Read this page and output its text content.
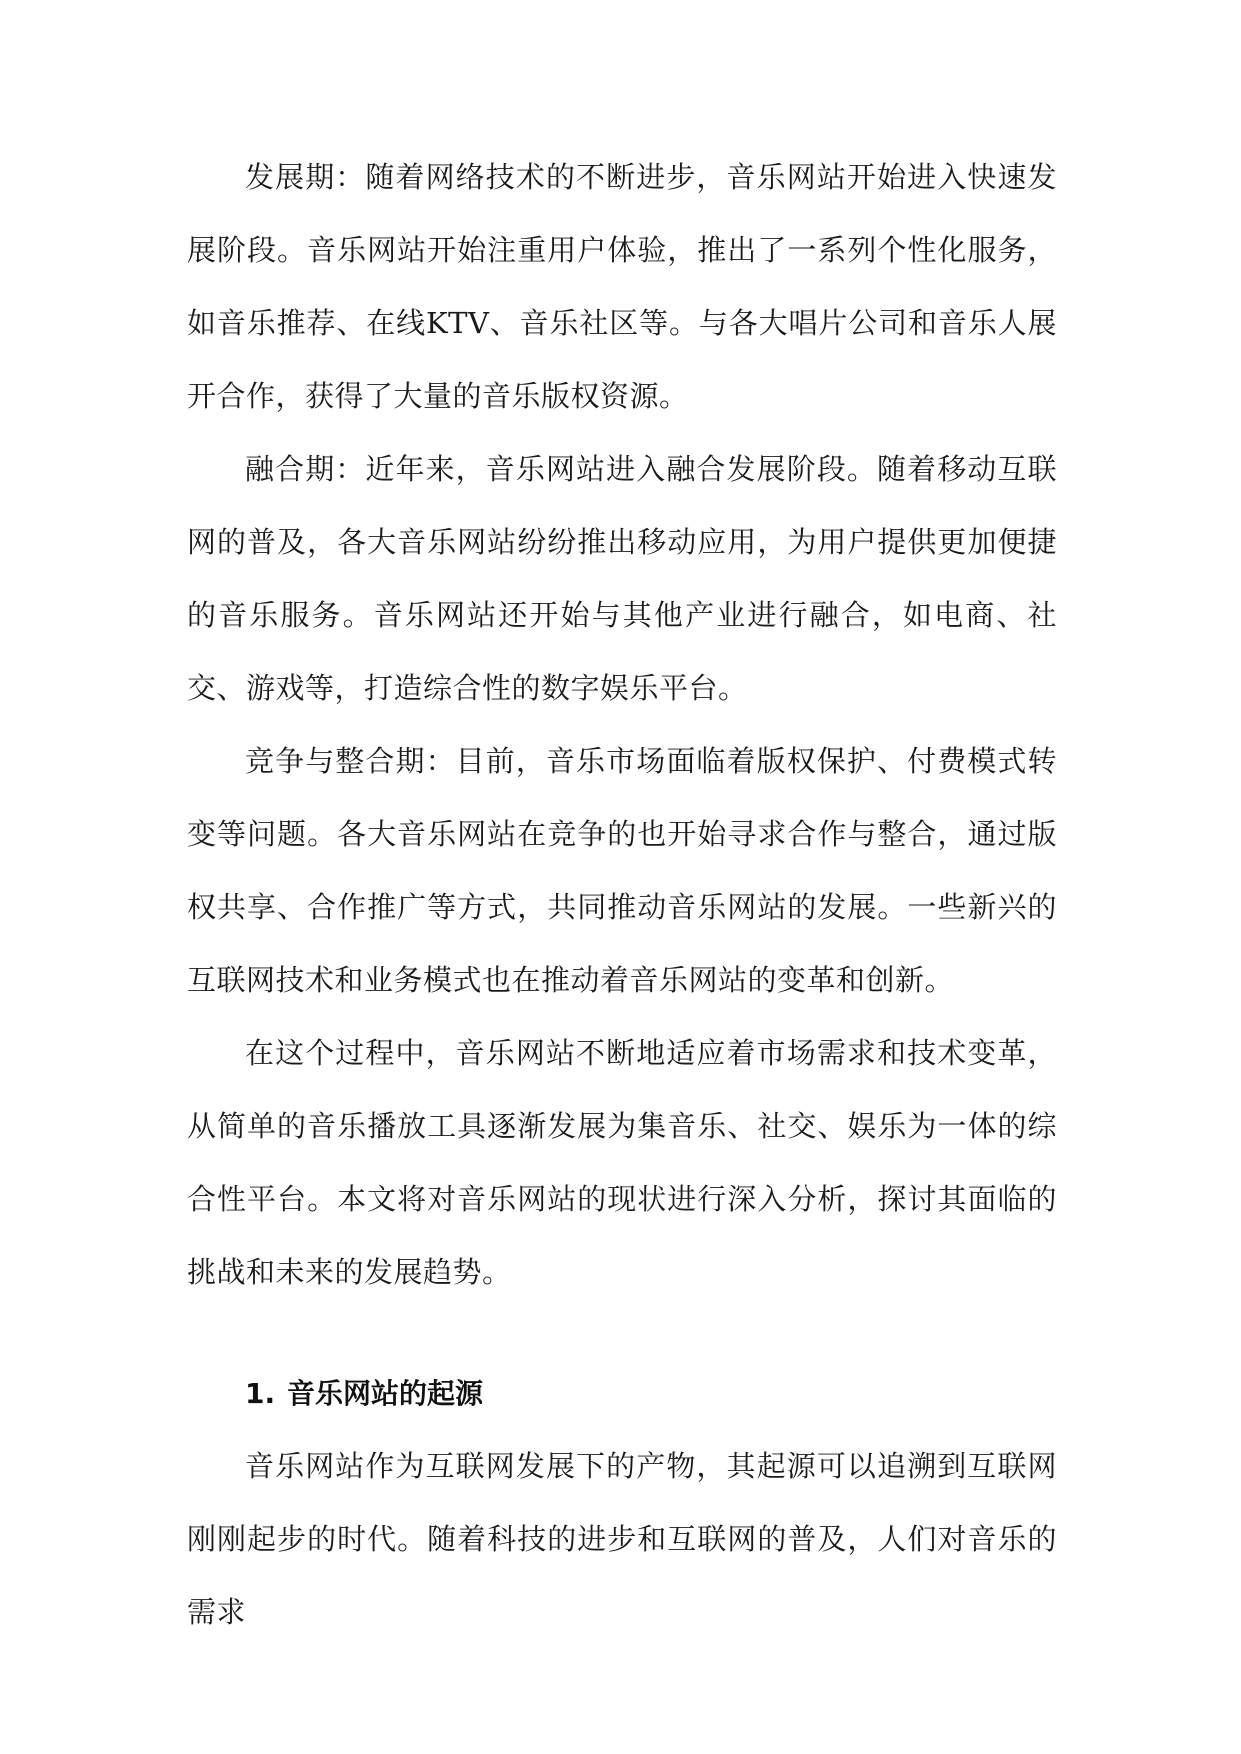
发展期：随着网络技术的不断进步，音乐网站开始进入快速发展阶段。音乐网站开始注重用户体验，推出了一系列个性化服务，如音乐推荐、在线KTV、音乐社区等。与各大唱片公司和音乐人展开合作，获得了大量的音乐版权资源。

融合期：近年来，音乐网站进入融合发展阶段。随着移动互联网的普及，各大音乐网站纷纷推出移动应用，为用户提供更加便捷的音乐服务。音乐网站还开始与其他产业进行融合，如电商、社交、游戏等，打造综合性的数字娱乐平台。

竞争与整合期：目前，音乐市场面临着版权保护、付费模式转变等问题。各大音乐网站在竞争的也开始寻求合作与整合，通过版权共享、合作推广等方式，共同推动音乐网站的发展。一些新兴的互联网技术和业务模式也在推动着音乐网站的变革和创新。

在这个过程中，音乐网站不断地适应着市场需求和技术变革，从简单的音乐播放工具逐渐发展为集音乐、社交、娱乐为一体的综合性平台。本文将对音乐网站的现状进行深入分析，探讨其面临的挑战和未来的发展趋势。

1. 音乐网站的起源

音乐网站作为互联网发展下的产物，其起源可以追溯到互联网刚刚起步的时代。随着科技的进步和互联网的普及，人们对音乐的需求
